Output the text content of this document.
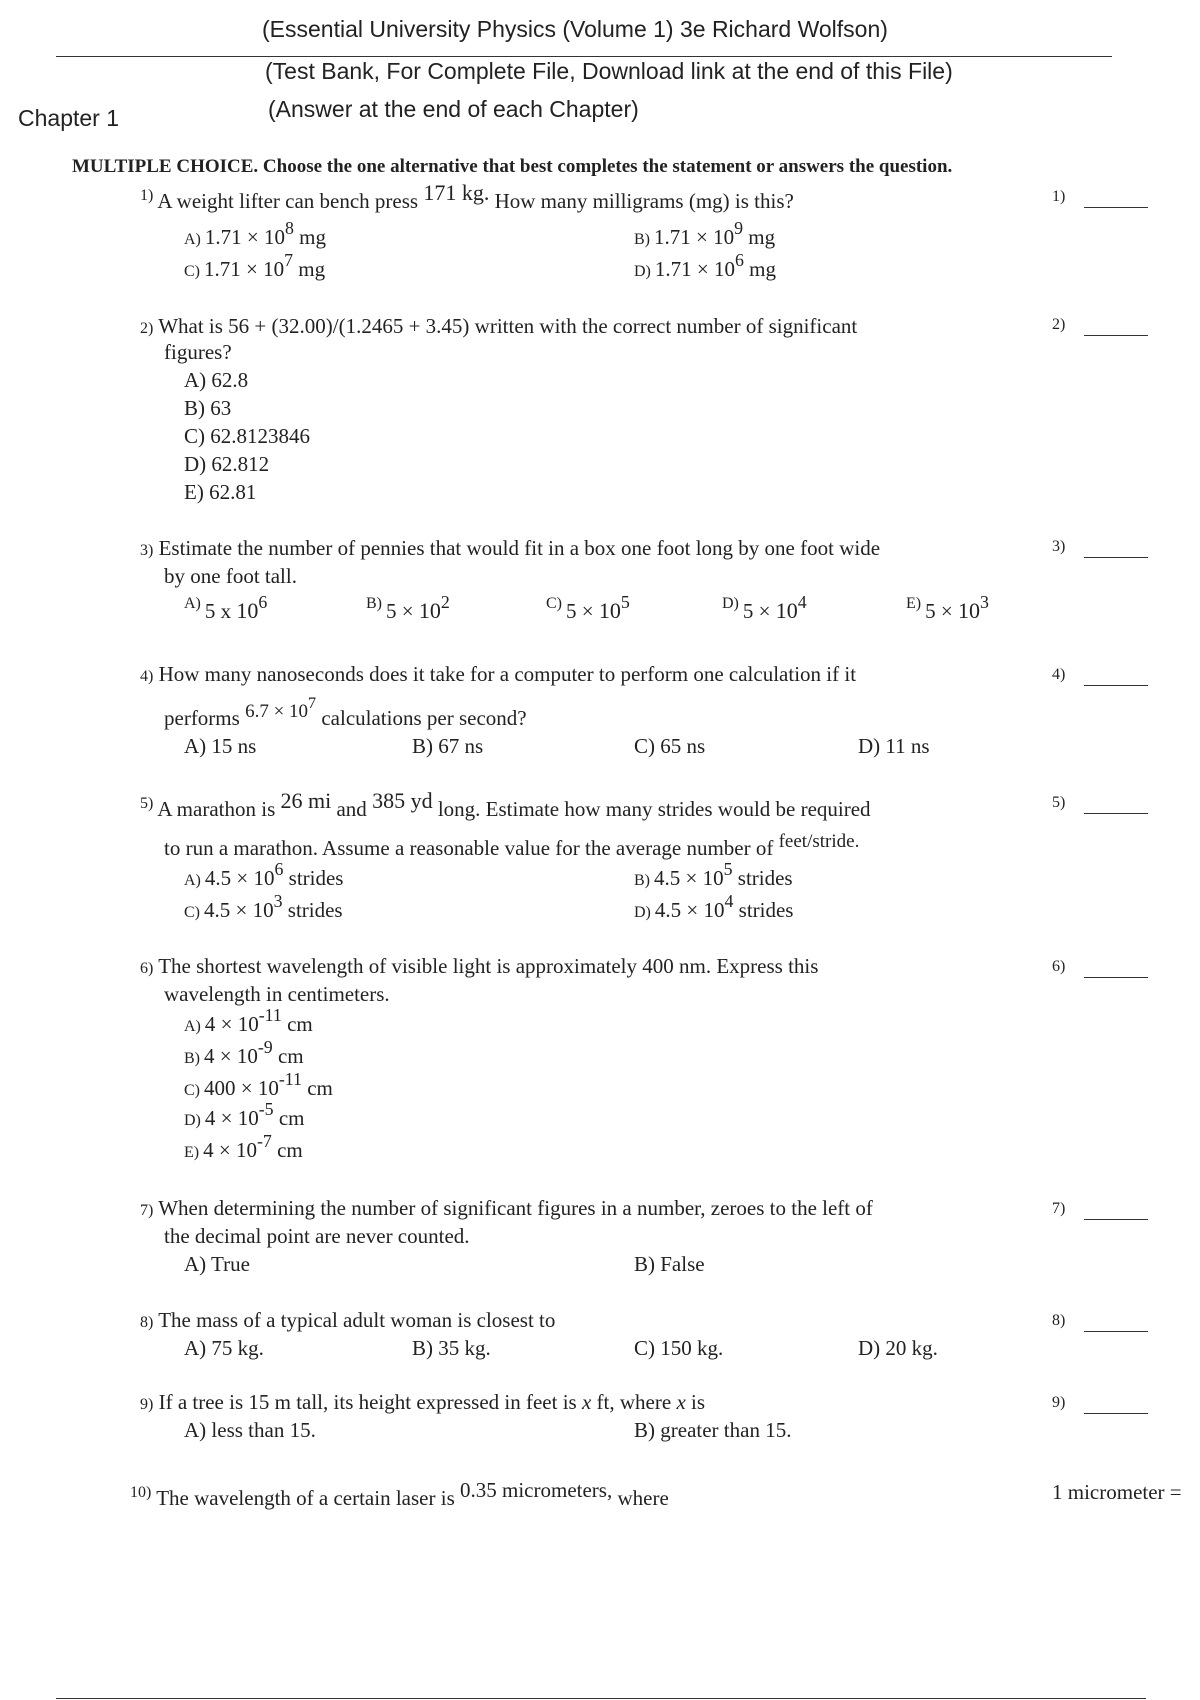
(Essential University Physics (Volume 1) 3e Richard Wolfson)
(Test Bank, For Complete File, Download link at the end of this File)
Chapter 1	(Answer at the end of each Chapter)
MULTIPLE CHOICE. Choose the one alternative that best completes the statement or answers the question.
$^{1)}$ A weight lifter can bench press 171 kg. How many milligrams (mg) is this?	1)
A) $1.71 \times 10^8$ mg	B) $1.71 \times 10^9$ mg
C) $1.71 \times 10^7$ mg	D) $1.71 \times 10^6$ mg
2) What is 56 + (32.00)/(1.2465 + 3.45) written with the correct number of significant
figures?
2)
A) 62.8
B) 63
C) 62.8123846
D) 62.812
E) 62.81
3) Estimate the number of pennies that would fit in a box one foot long by one foot wide
by one foot tall.
3)
$^{A)}$ 5 x $10^6$	$^{B)}$ $5 \times 10^2$	$^{C)}$ $5 \times 10^5$	$^{D)}$ $5 \times 10^4$	$^{E)}$ $5 \times 10^3$
4) How many nanoseconds does it take for a computer to perform one calculation if it
performs $6.7 \times 10^7$ calculations per second?
4)
A) 15 ns	B) 67 ns	C) 65 ns	D) 11 ns
$^{5)}$ A marathon is 26 mi and 385 yd long. Estimate how many strides would be required
to run a marathon. Assume a reasonable value for the average number of feet/stride.
5)
A) $4.5 \times 10^6$ strides	B) $4.5 \times 10^5$ strides
C) $4.5 \times 10^3$ strides	D) $4.5 \times 10^4$ strides
6) The shortest wavelength of visible light is approximately 400 nm. Express this
wavelength in centimeters.
6)
A) $4 \times 10^{-11}$ cm
B) $4 \times 10^{-9}$ cm
C) $400 \times 10^{-11}$ cm
D) $4 \times 10^{-5}$ cm
E) $4 \times 10^{-7}$ cm
7) When determining the number of significant figures in a number, zeroes to the left of
the decimal point are never counted.
7)
A) True	B) False
8) The mass of a typical adult woman is closest to	8)
A) 75 kg.	B) 35 kg.	C) 150 kg.	D) 20 kg.
9) If a tree is 15 m tall, its height expressed in feet is x ft, where x is	9)
A) less than 15.	B) greater than 15.
$^{10)}$ The wavelength of a certain laser is 0.35 micrometers, where	1 micrometer =
